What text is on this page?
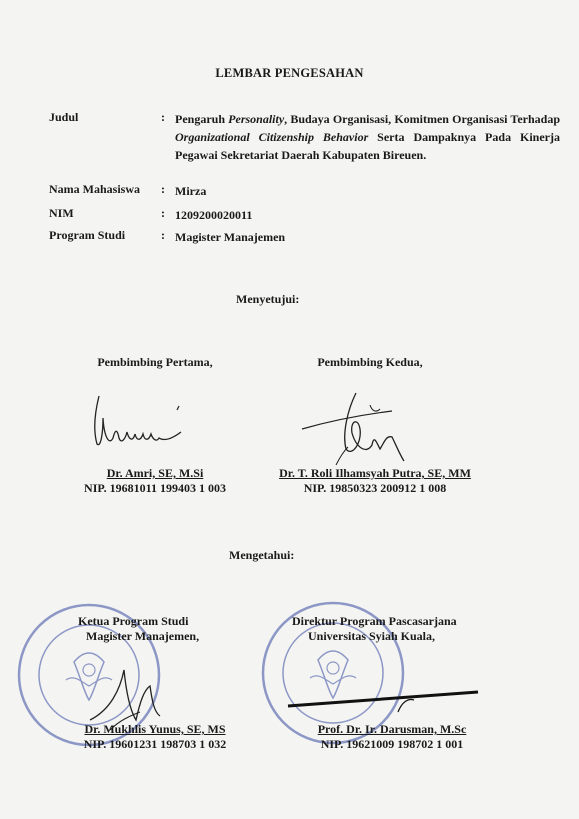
LEMBAR PENGESAHAN
Judul	: Pengaruh Personality, Budaya Organisasi, Komitmen Organisasi Terhadap Organizational Citizenship Behavior Serta Dampaknya Pada Kinerja Pegawai Sekretariat Daerah Kabupaten Bireuen.
Nama Mahasiswa	: Mirza
NIM	: 1209200020011
Program Studi	: Magister Manajemen
Menyetujui:
Pembimbing Pertama,
Dr. Amri, SE, M.Si
NIP. 19681011 199403 1 003
Pembimbing Kedua,
Dr. T. Roli Ilhamsyah Putra, SE, MM
NIP. 19850323 200912 1 008
Mengetahui:
Ketua Program Studi
Magister Manajemen,
Dr. Mukhlis Yunus, SE, MS
NIP. 19601231 198703 1 032
Direktur Program Pascasarjana
Universitas Syiah Kuala,
Prof. Dr. Ir. Darusman, M.Sc
NIP. 19621009 198702 1 001
